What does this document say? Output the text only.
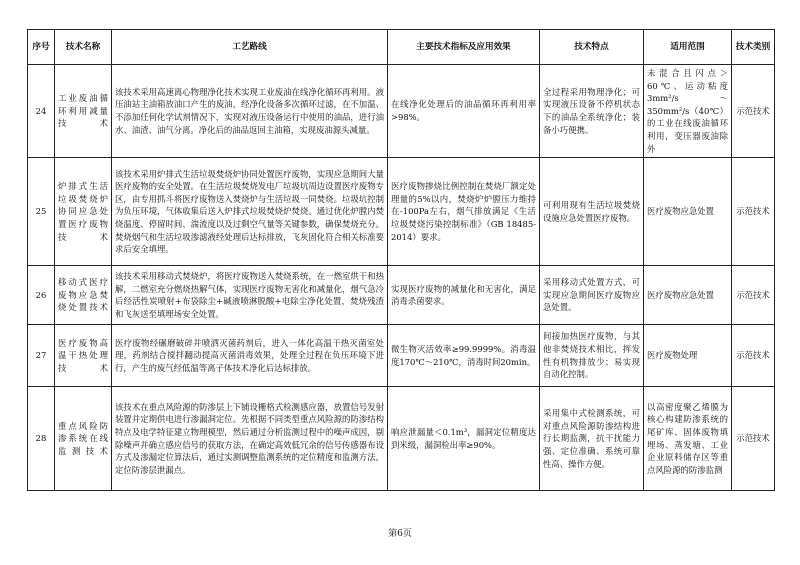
序号	技术名称	工艺路线	主要技术指标及应用效果	技术特点	适用范围	技术类别
24	工业废油循环利用减量技术	该技术采用高速离心物理净化技术实现工业废油在线净化循环再利用。液压油站主油箱放油口产生的废油，经净化设备多次循环过滤，在不加温、不添加任何化学试剂情况下，实现对液压设备运行中使用的油品，进行油水、油渣、油气分离。净化后的油品返回主油箱，实现废油源头减量。	在线净化处理后的油品循环再利用率>98%。	全过程采用物理净化；可实现液压设备不停机状态下的油品全系统净化；装备小巧便携。	未混合且闪点＞60℃、运动粘度3mm²/s～350mm²/s（40℃）的工业在线废油循环利用，变压器废油除外	示范技术
25	炉排式生活垃圾焚烧炉协同应急处置医疗废物技术	该技术采用炉排式生活垃圾焚烧炉协同处置医疗废物，实现应急期间大量医疗废物的安全处置。在生活垃圾焚烧发电厂垃圾坑周边设置医疗废物专区，由专用抓斗将医疗废物送入焚烧炉与生活垃圾一同焚烧。垃圾坑控制为负压环境，气体收集后送入炉排式垃圾焚烧炉焚烧。通过优化炉膛内焚烧温度、停留时间、湍流度以及过剩空气量等关键参数，确保焚烧充分。焚烧烟气和生活垃圾渗滤液经处理后达标排放，飞灰固化符合相关标准要求后安全填埋。	医疗废物掺烧比例控制在焚烧厂额定处理量的5%以内，焚烧炉炉膛压力维持在-100Pa左右，烟气排放满足《生活垃圾焚烧污染控制标准》（GB 18485-2014）要求。	可利用现有生活垃圾焚烧设施应急处置医疗废物。	医疗废物应急处置	示范技术
26	移动式医疗废物应急焚烧处置技术	该技术采用移动式焚烧炉，将医疗废物送入焚烧系统，在一燃室烘干和热解，二燃室充分燃烧热解气体，实现医疗废物无害化和减量化，烟气急冷后经活性炭喷射+布袋除尘+碱液喷淋脱酸+电除尘净化处置，焚烧残渣和飞灰送至填埋场安全处置。	实现医疗废物的减量化和无害化，满足消毒杀菌要求。	采用移动式处置方式，可实现应急期间医疗废物应急处置。	医疗废物应急处置	示范技术
27	医疗废物高温干热处理技术	医疗废物经碾磨破碎并喷洒灭菌药剂后，进入一体化高温干热灭菌室处理，药剂结合搅拌翻动提高灭菌消毒效果，处理全过程在负压环境下进行，产生的废气经低温等离子体技术净化后达标排放。	微生物灭活效率≥99.9999%。消毒温度170℃～210℃，消毒时间20min。	间接加热医疗废物，与其他非焚烧技术相比，挥发性有机物排放少；易实现自动化控制。	医疗废物处理	示范技术
28	重点风险防渗系统在线监测技术	该技术在重点风险源的防渗层上下铺设栅格式检测感应器，放置信号发射装置并定期供电进行渗漏洞定位。先根据不同类型重点风险源的防渗结构特点及电学特征建立物理模型，然后通过分析监测过程中的噪声成因，剔除噪声并确立感应信号的获取方法，在确定高效低冗余的信号传感器布设方式及渗漏定位算法后，通过实测调整监测系统的定位精度和监测方法，定位防渗层泄漏点。	响应泄漏量＜0.1m³，漏洞定位精度达到米级，漏洞检出率≥90%。	采用集中式检测系统，可对重点风险源防渗结构进行长期监测，抗干扰能力强、定位准确、系统可靠性高、操作方便。	以高密度聚乙烯膜为核心构建防渗系统的尾矿库、固体废物填埋场、蒸发塘、工业企业原料储存区等重点风险源的防渗监测	示范技术
第6页
